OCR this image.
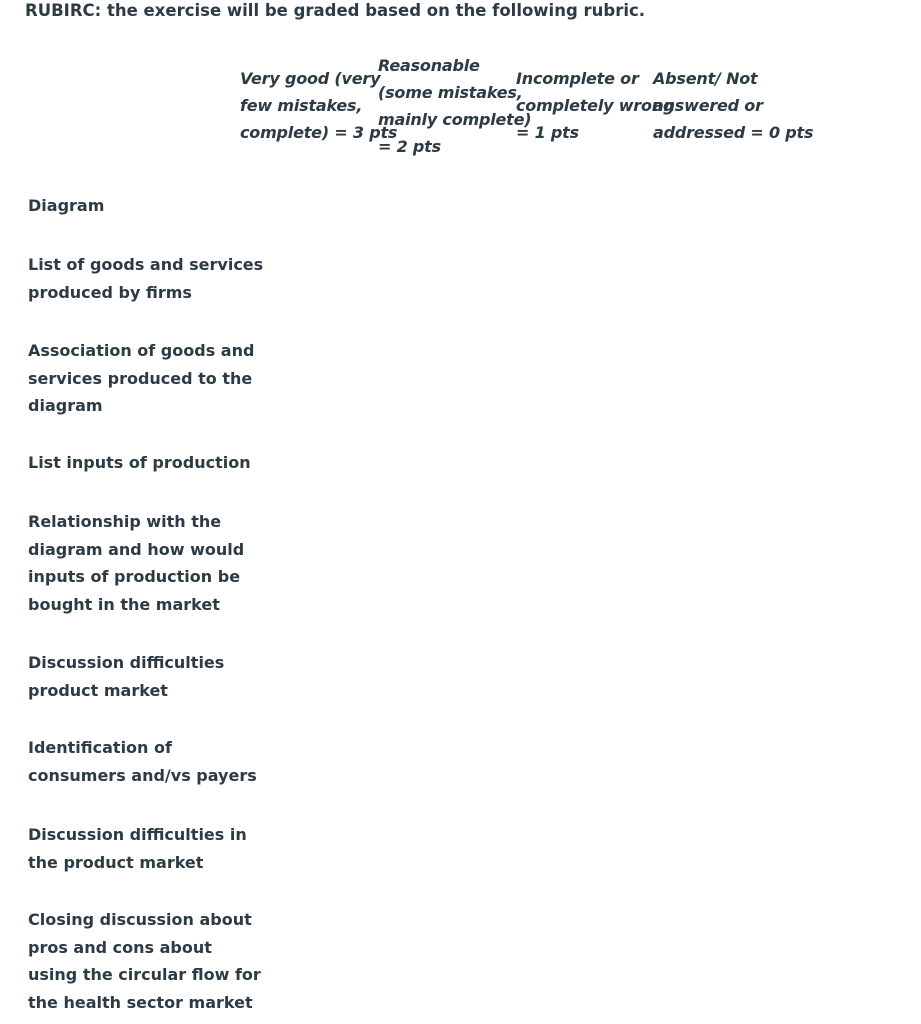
RUBIRC: the exercise will be graded based on the following rubric.
Very good (very
few mistakes,
complete) = 3 pts
Reasonable
(some mistakes,
mainly complete)
= 2 pts
Incomplete or
completely wrong
= 1 pts
Absent/ Not
answered or
addressed = 0 pts
Diagram
List of goods and services
produced by firms
Association of goods and
services produced to the
diagram
List inputs of production
Relationship with the
diagram and how would
inputs of production be
bought in the market
Discussion difficulties
product market
Identification of
consumers and/vs payers
Discussion difficulties in
the product market
Closing discussion about
pros and cons about
using the circular flow for
the health sector market
